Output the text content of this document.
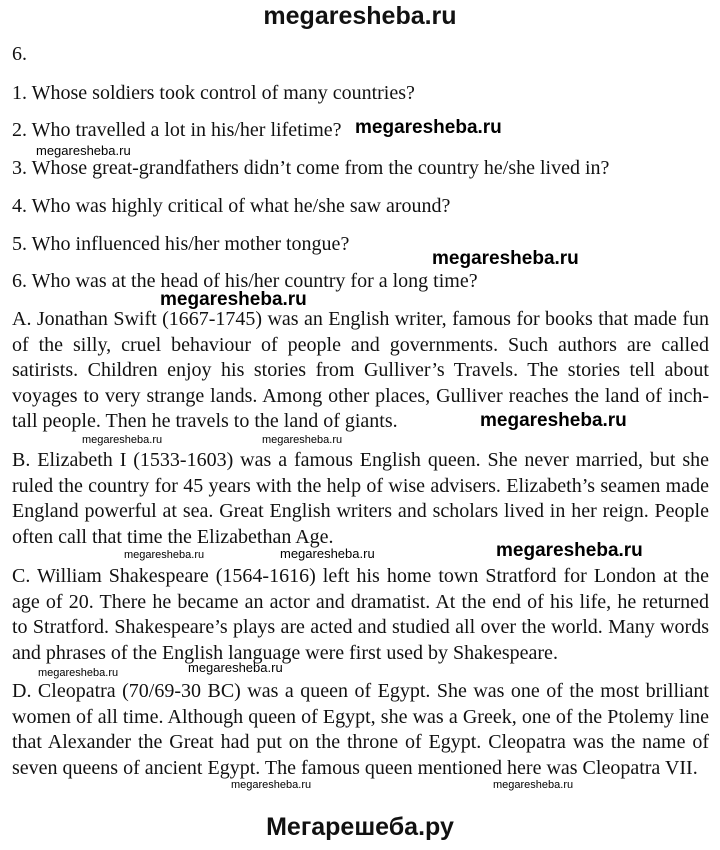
megaresheba.ru
6.
1. Whose soldiers took control of many countries?
2. Who travelled a lot in his/her lifetime?
3. Whose great-grandfathers didn’t come from the country he/she lived in?
4. Who was highly critical of what he/she saw around?
5. Who influenced his/her mother tongue?
6. Who was at the head of his/her country for a long time?
A. Jonathan Swift (1667-1745) was an English writer, famous for books that made fun of the silly, cruel behaviour of people and governments. Such authors are called satirists. Children enjoy his stories from Gulliver’s Travels. The stories tell about voyages to very strange lands. Among other places, Gulliver reaches the land of inch-tall people. Then he travels to the land of giants.
B. Elizabeth I (1533-1603) was a famous English queen. She never married, but she ruled the country for 45 years with the help of wise advisers. Elizabeth’s seamen made England powerful at sea. Great English writers and scholars lived in her reign. People often call that time the Elizabethan Age.
C. William Shakespeare (1564-1616) left his home town Stratford for London at the age of 20. There he became an actor and dramatist. At the end of his life, he returned to Stratford. Shakespeare’s plays are acted and studied all over the world. Many words and phrases of the English language were first used by Shakespeare.
D. Cleopatra (70/69-30 BC) was a queen of Egypt. She was one of the most brilliant women of all time. Although queen of Egypt, she was a Greek, one of the Ptolemy line that Alexander the Great had put on the throne of Egypt. Cleopatra was the name of seven queens of ancient Egypt. The famous queen mentioned here was Cleopatra VII.
megaresheba.ru
megaresheba.ru
megaresheba.ru
megaresheba.ru
megaresheba.ru
megaresheba.ru	megaresheba.ru
megaresheba.ru	megaresheba.ru	megaresheba.ru
megaresheba.ru	megaresheba.ru
megaresheba.ru	megaresheba.ru
Мегарешеба.ру
